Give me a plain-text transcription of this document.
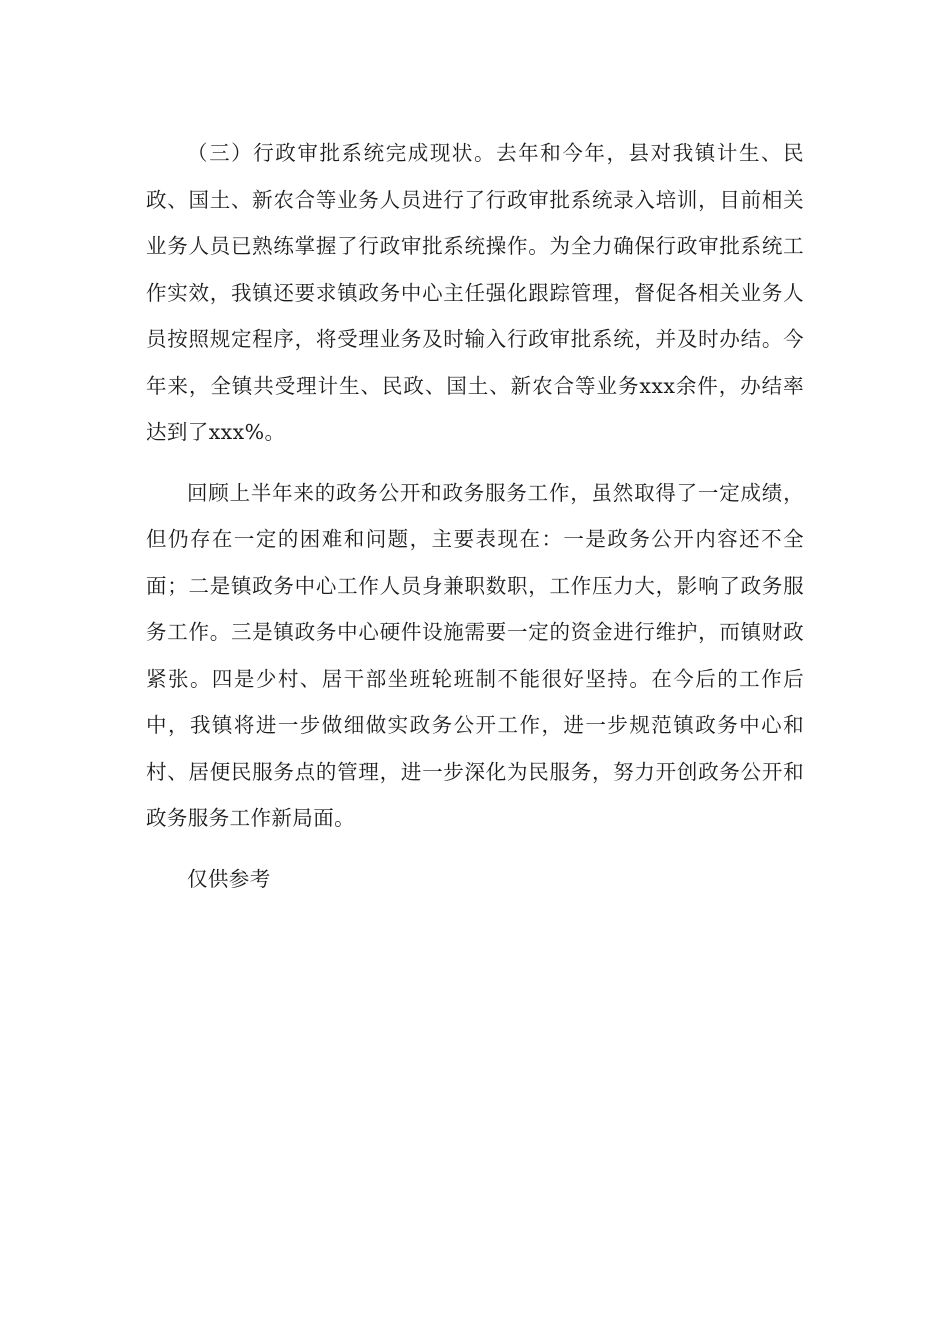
（三）行政审批系统完成现状。去年和今年，县对我镇计生、民政、国土、新农合等业务人员进行了行政审批系统录入培训，目前相关业务人员已熟练掌握了行政审批系统操作。为全力确保行政审批系统工作实效，我镇还要求镇政务中心主任强化跟踪管理，督促各相关业务人员按照规定程序，将受理业务及时输入行政审批系统，并及时办结。今年来，全镇共受理计生、民政、国土、新农合等业务xxx余件，办结率达到了xxx%。

回顾上半年来的政务公开和政务服务工作，虽然取得了一定成绩，但仍存在一定的困难和问题，主要表现在：一是政务公开内容还不全面；二是镇政务中心工作人员身兼职数职，工作压力大，影响了政务服务工作。三是镇政务中心硬件设施需要一定的资金进行维护，而镇财政紧张。四是少村、居干部坐班轮班制不能很好坚持。在今后的工作后中，我镇将进一步做细做实政务公开工作，进一步规范镇政务中心和村、居便民服务点的管理，进一步深化为民服务，努力开创政务公开和政务服务工作新局面。

仅供参考
